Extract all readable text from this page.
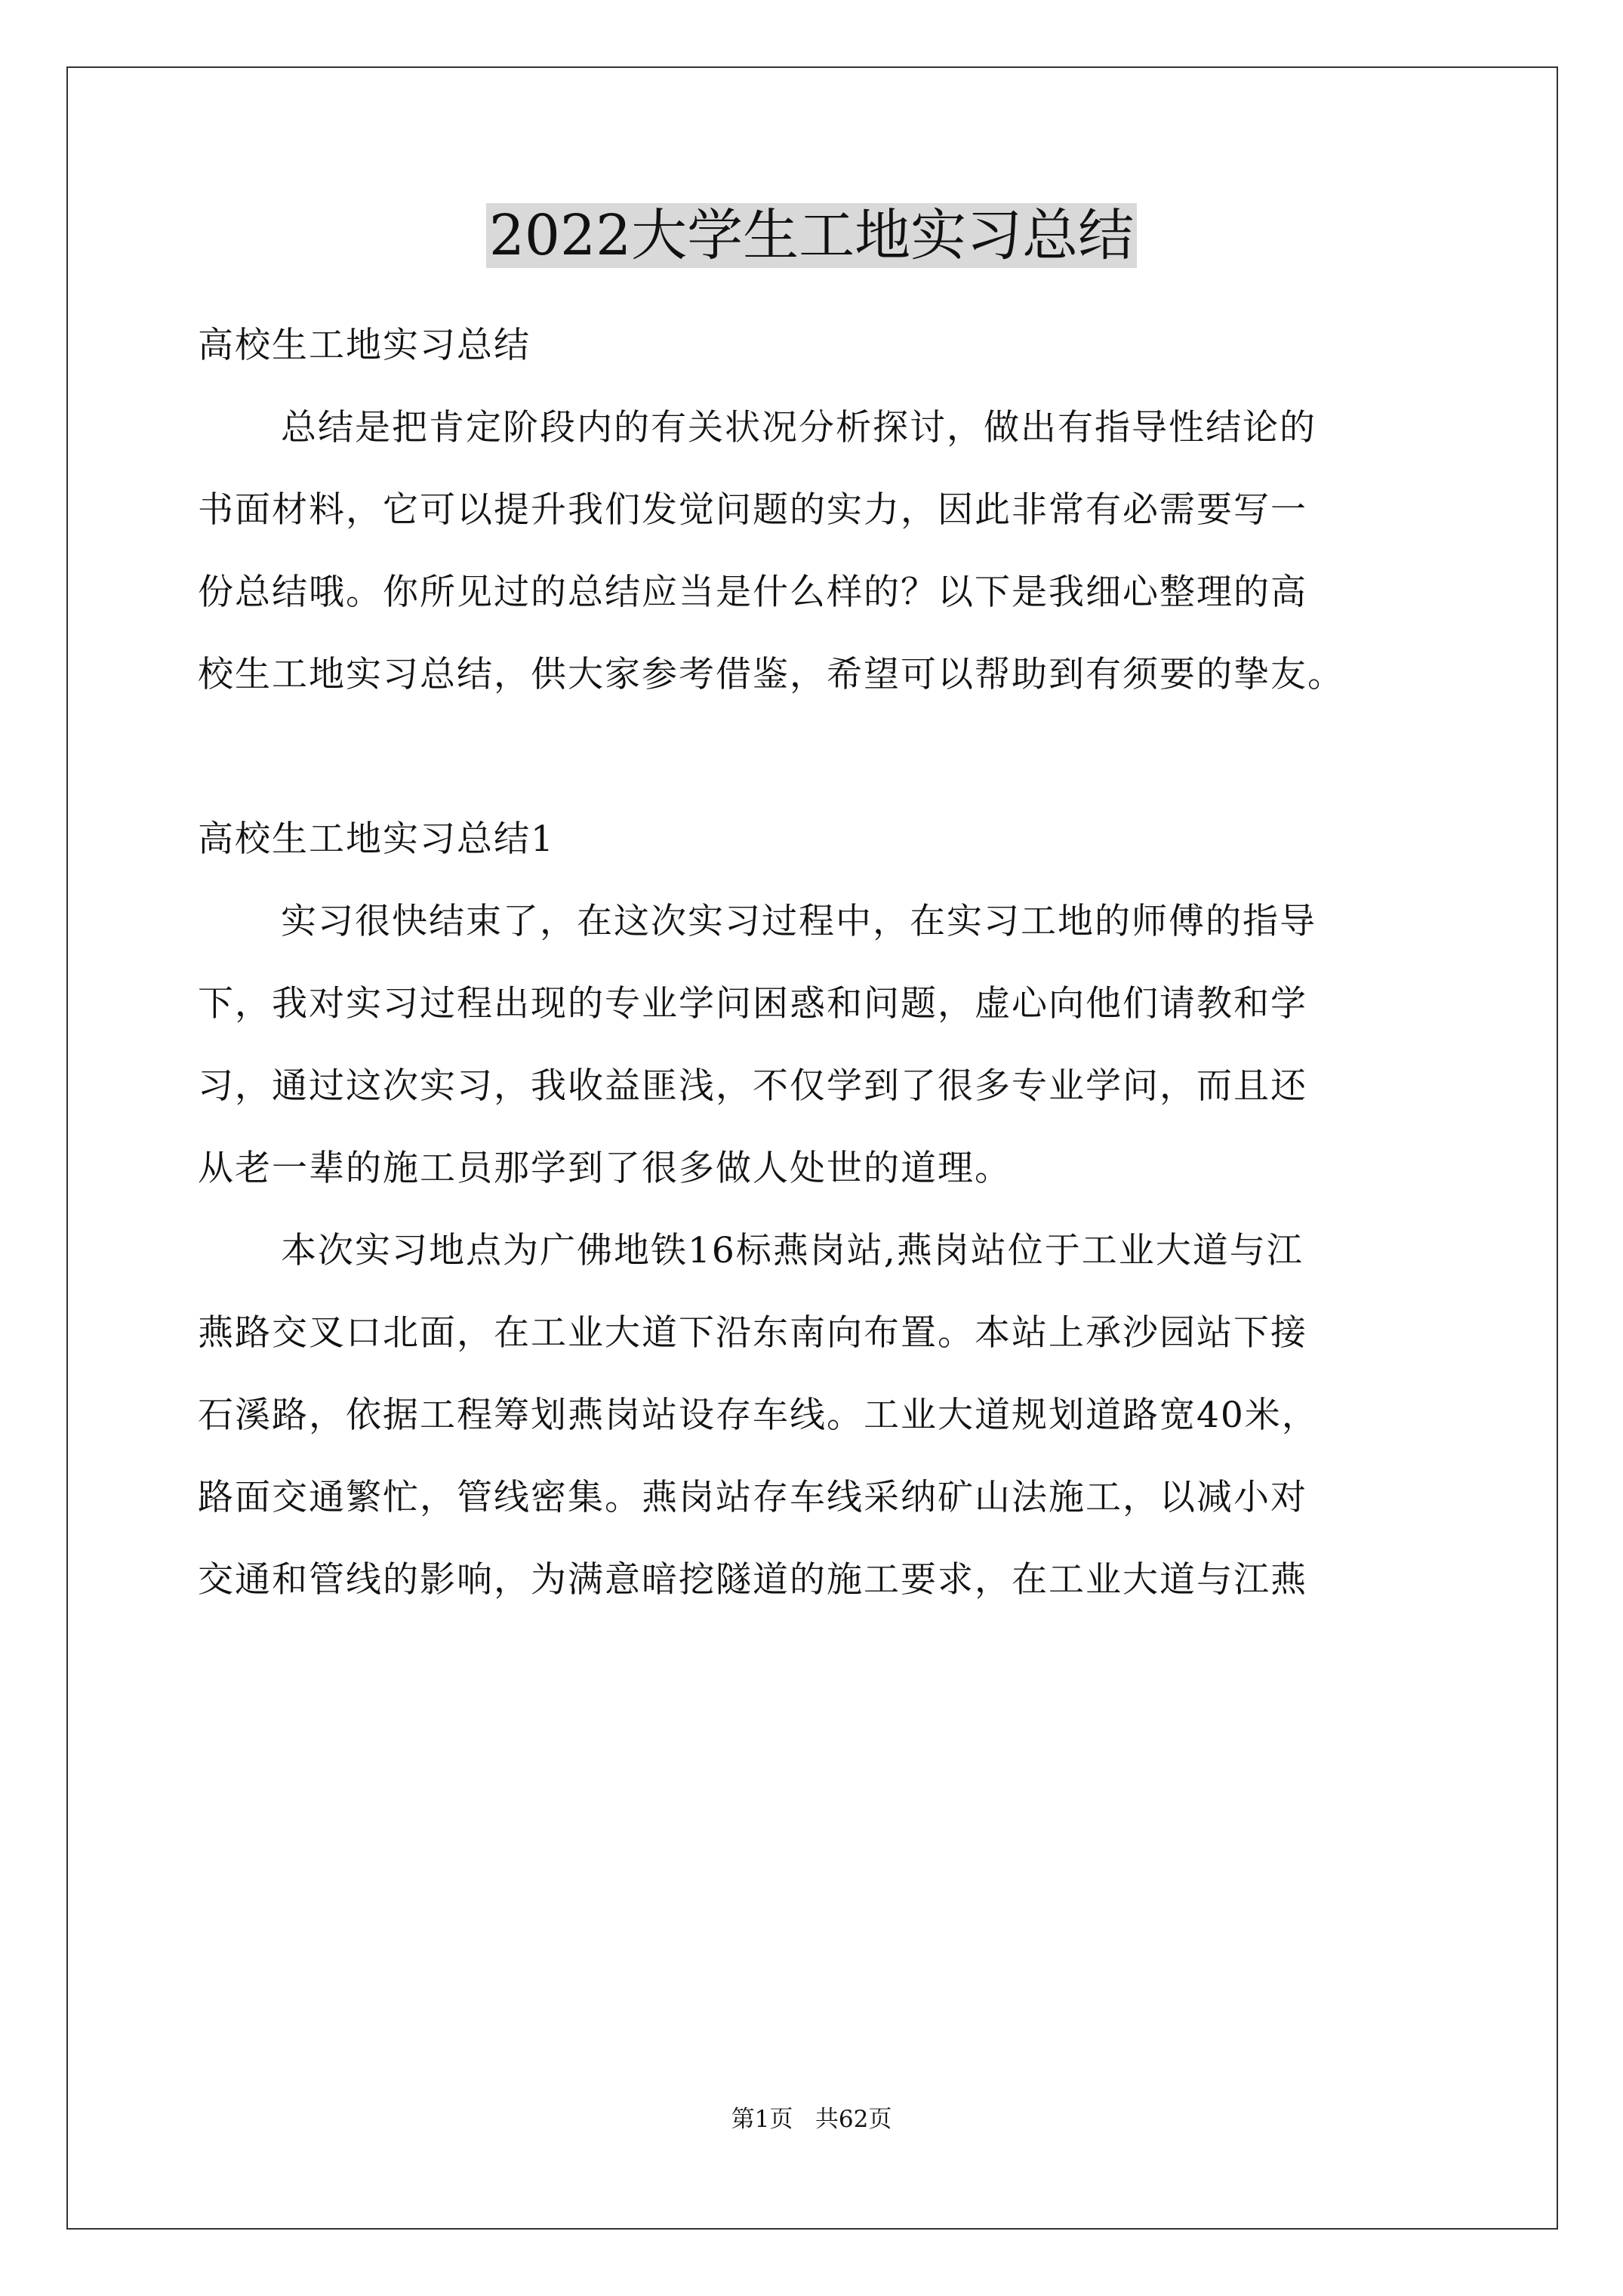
2022大学生工地实习总结
高校生工地实习总结
总结是把肯定阶段内的有关状况分析探讨，做出有指导性结论的
书面材料，它可以提升我们发觉问题的实力，因此非常有必需要写一
份总结哦。你所见过的总结应当是什么样的？以下是我细心整理的高
校生工地实习总结，供大家参考借鉴，希望可以帮助到有须要的挚友。
高校生工地实习总结1
实习很快结束了，在这次实习过程中，在实习工地的师傅的指导
下，我对实习过程出现的专业学问困惑和问题，虚心向他们请教和学
习，通过这次实习，我收益匪浅，不仅学到了很多专业学问，而且还
从老一辈的施工员那学到了很多做人处世的道理。
本次实习地点为广佛地铁16标燕岗站,燕岗站位于工业大道与江
燕路交叉口北面，在工业大道下沿东南向布置。本站上承沙园站下接
石溪路，依据工程筹划燕岗站设存车线。工业大道规划道路宽40米，
路面交通繁忙，管线密集。燕岗站存车线采纳矿山法施工，以减小对
交通和管线的影响，为满意暗挖隧道的施工要求，在工业大道与江燕
第1页   共62页
